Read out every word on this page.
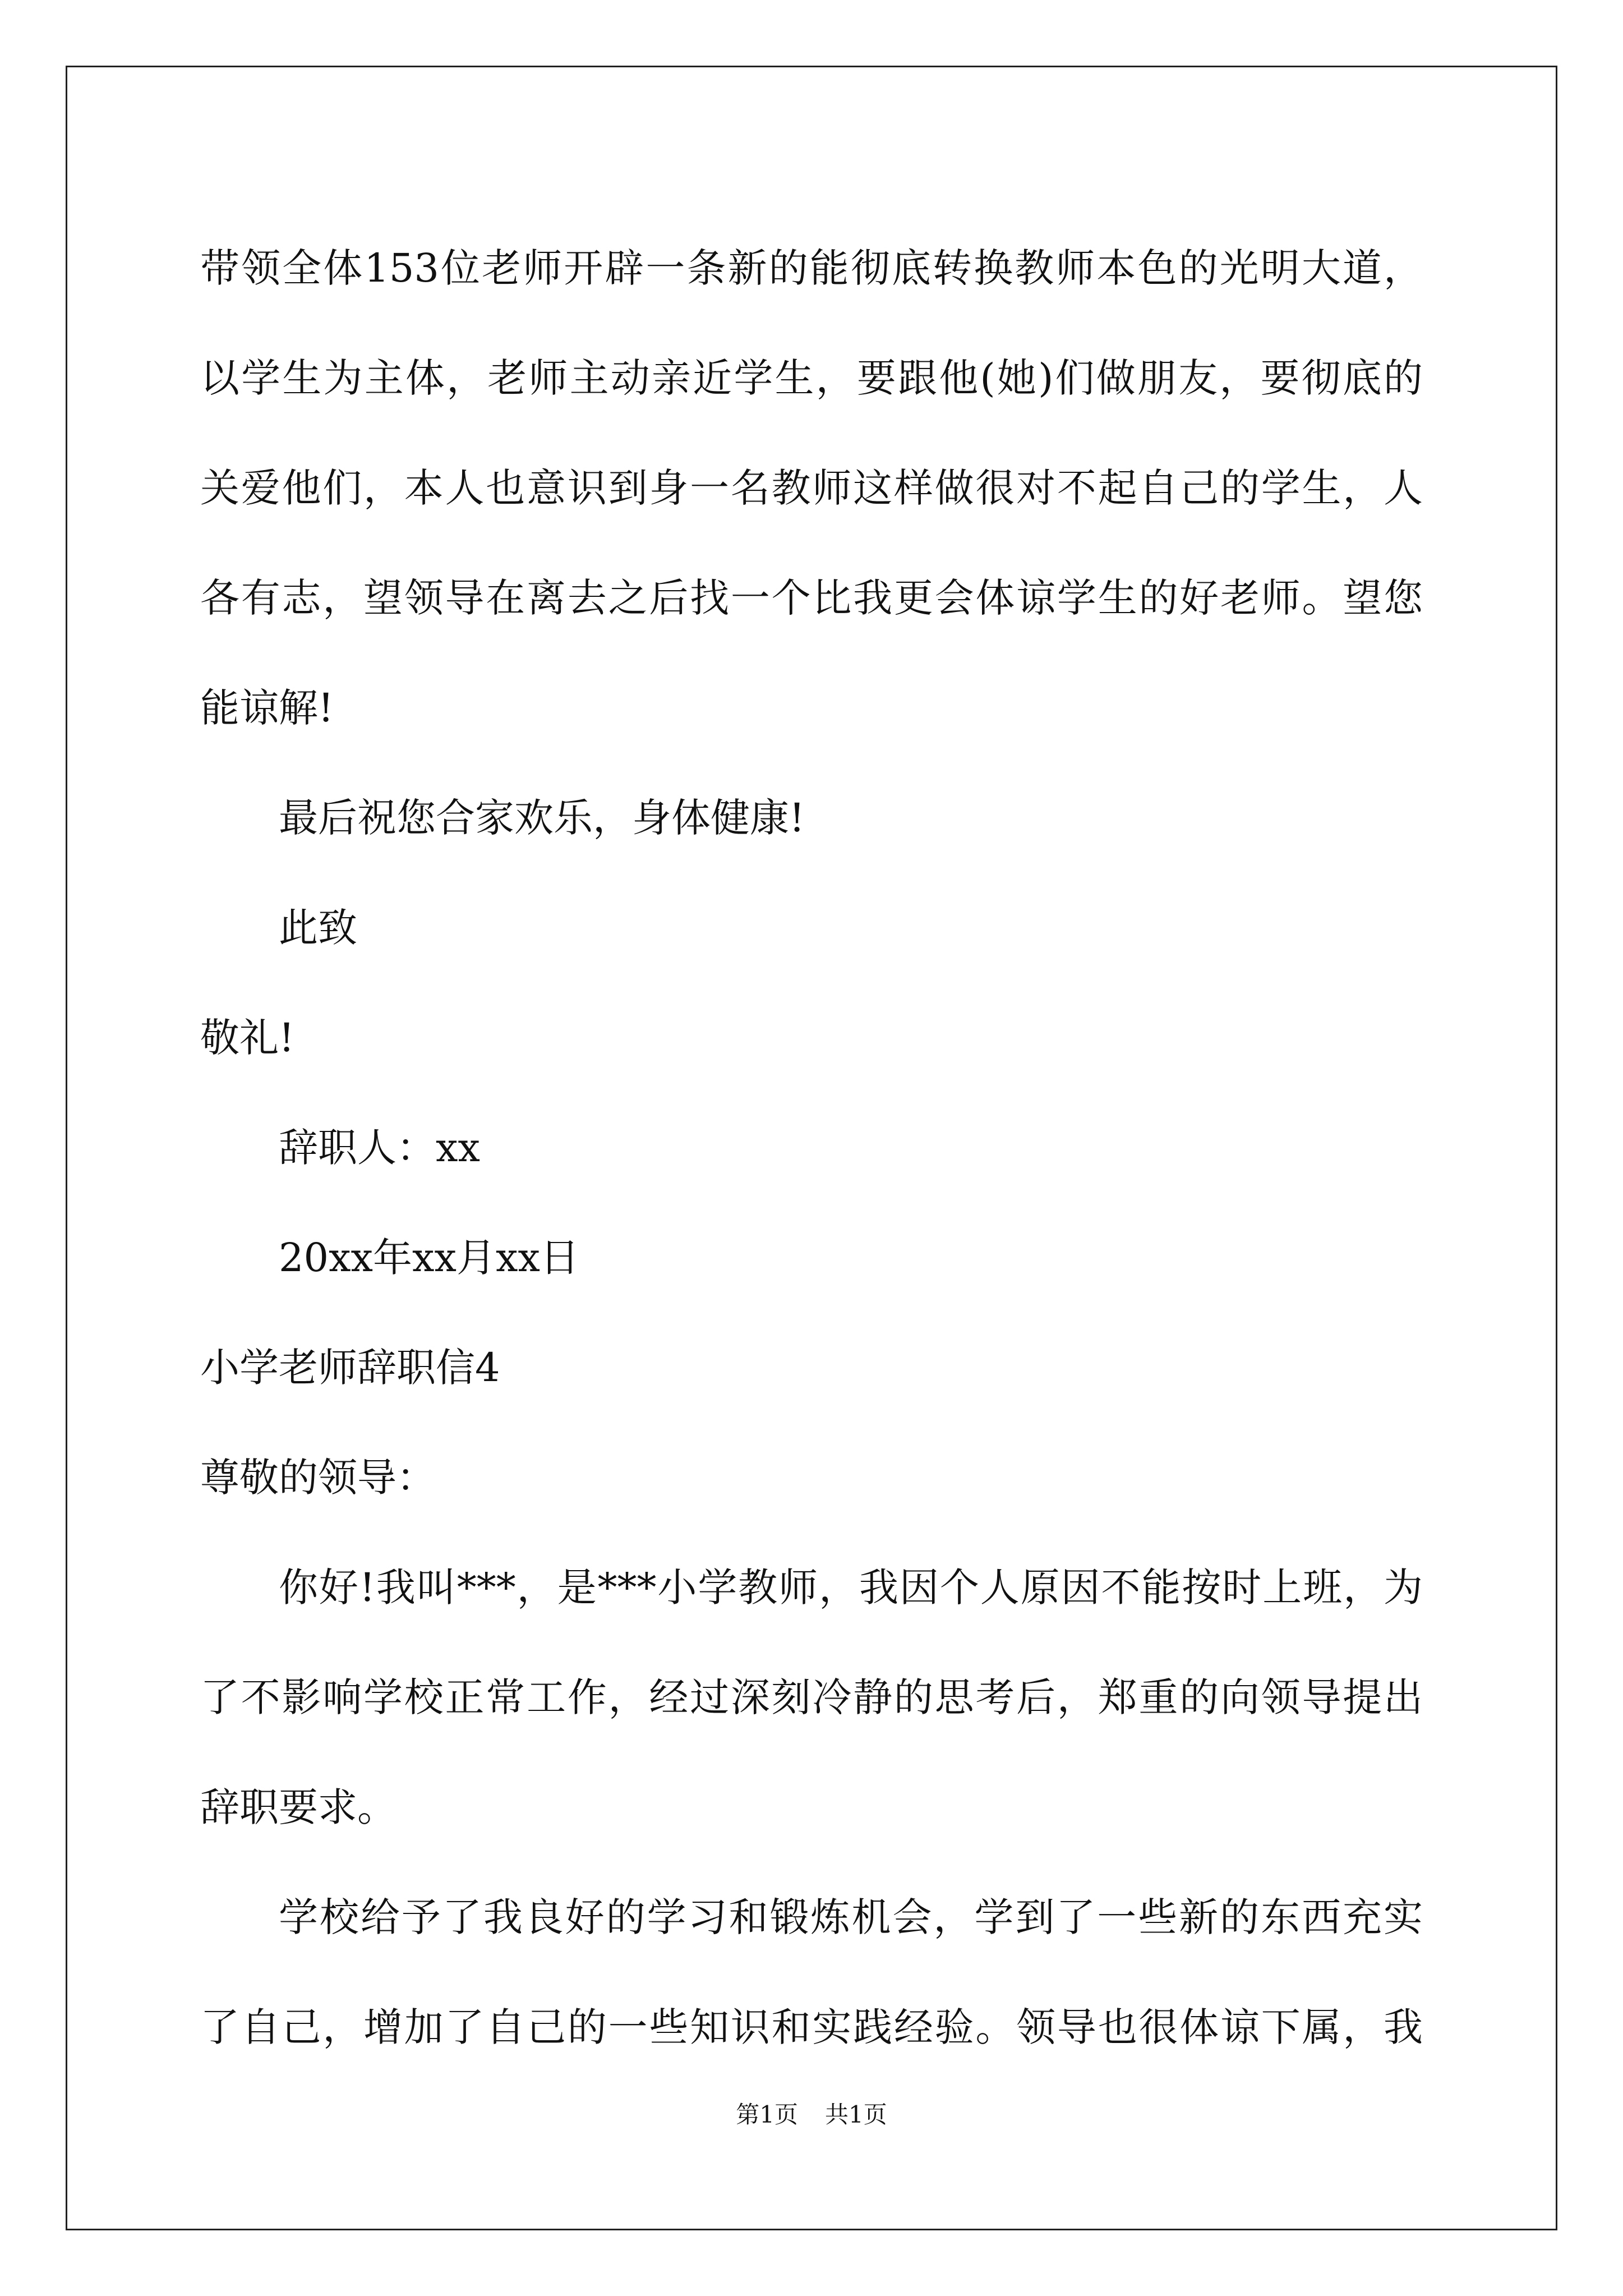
带领全体153位老师开辟一条新的能彻底转换教师本色的光明大道，
以学生为主体，老师主动亲近学生，要跟他(她)们做朋友，要彻底的
关爱他们，本人也意识到身一名教师这样做很对不起自己的学生，人
各有志，望领导在离去之后找一个比我更会体谅学生的好老师。望您
能谅解!
最后祝您合家欢乐，身体健康!
此致
敬礼!
辞职人：xx
20xx年xx月xx日
小学老师辞职信4
尊敬的领导：
你好!我叫***，是***小学教师，我因个人原因不能按时上班，为
了不影响学校正常工作，经过深刻冷静的思考后，郑重的向领导提出
辞职要求。
学校给予了我良好的学习和锻炼机会，学到了一些新的东西充实
了自己，增加了自己的一些知识和实践经验。领导也很体谅下属，我
第1页 共1页
